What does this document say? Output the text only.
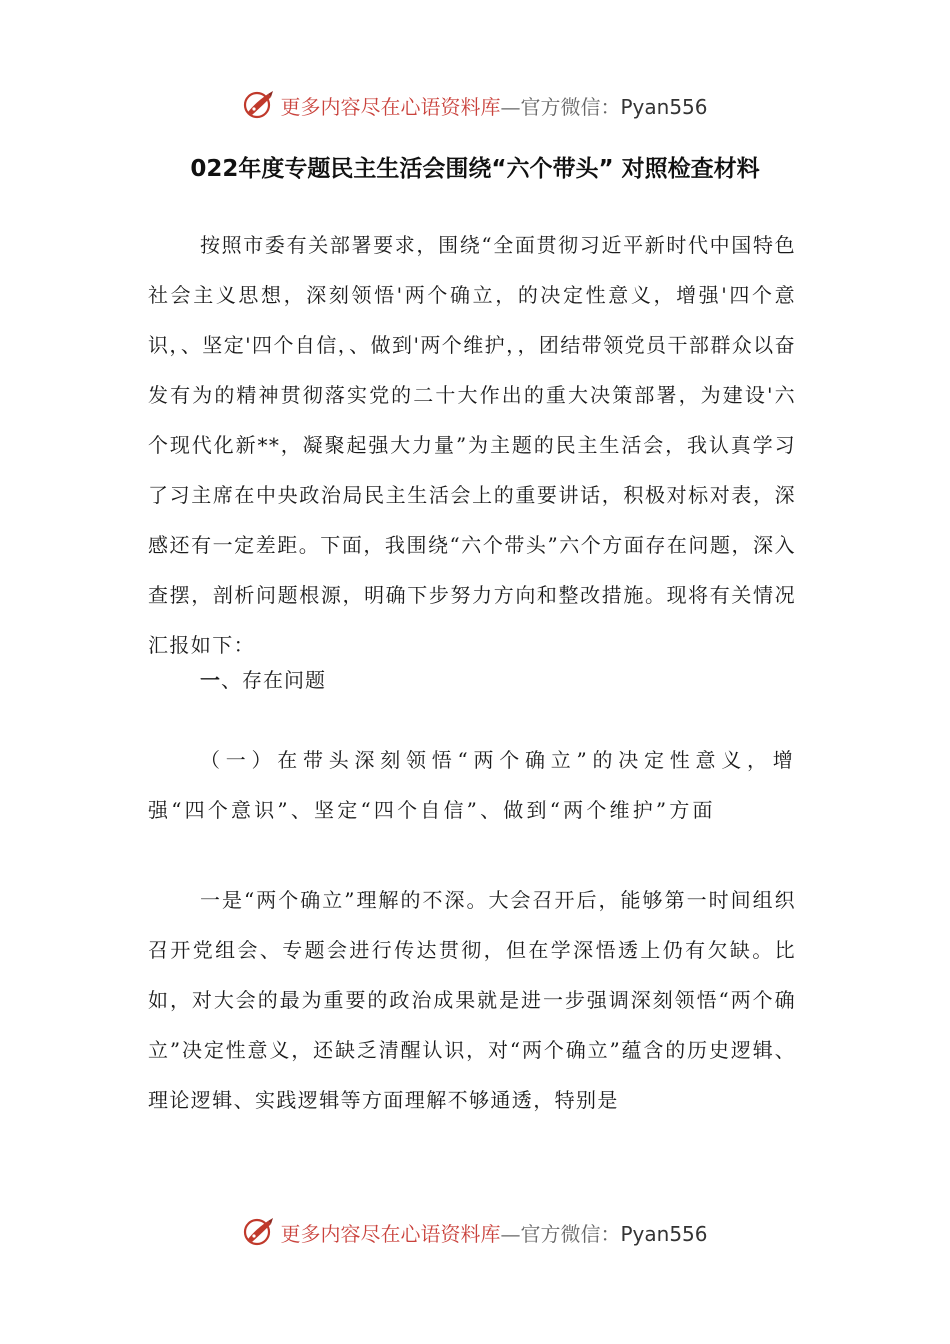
更多内容尽在心语资料库—官方微信：Pyan556
022年度专题民主生活会围绕“六个带头” 对照检查材料

按照市委有关部署要求，围绕“全面贯彻习近平新时代中国特色社会主义思想，深刻领悟'两个确立，的决定性意义，增强'四个意识，、坚定'四个自信，、做到'两个维护，，团结带领党员干部群众以奋发有为的精神贯彻落实党的二十大作出的重大决策部署，为建设'六个现代化新**，凝聚起强大力量”为主题的民主生活会，我认真学习了习主席在中央政治局民主生活会上的重要讲话，积极对标对表，深感还有一定差距。下面，我围绕“六个带头”六个方面存在问题，深入查摆，剖析问题根源，明确下步努力方向和整改措施。现将有关情况汇报如下：

一、存在问题

（一）在带头深刻领悟“两个确立”的决定性意义，增强“四个意识”、坚定“四个自信”、做到“两个维护”方面

一是“两个确立”理解的不深。大会召开后，能够第一时间组织召开党组会、专题会进行传达贯彻，但在学深悟透上仍有欠缺。比如，对大会的最为重要的政治成果就是进一步强调深刻领悟“两个确立”决定性意义，还缺乏清醒认识，对“两个确立”蕴含的历史逻辑、理论逻辑、实践逻辑等方面理解不够通透，特别是

更多内容尽在心语资料库—官方微信：Pyan556
